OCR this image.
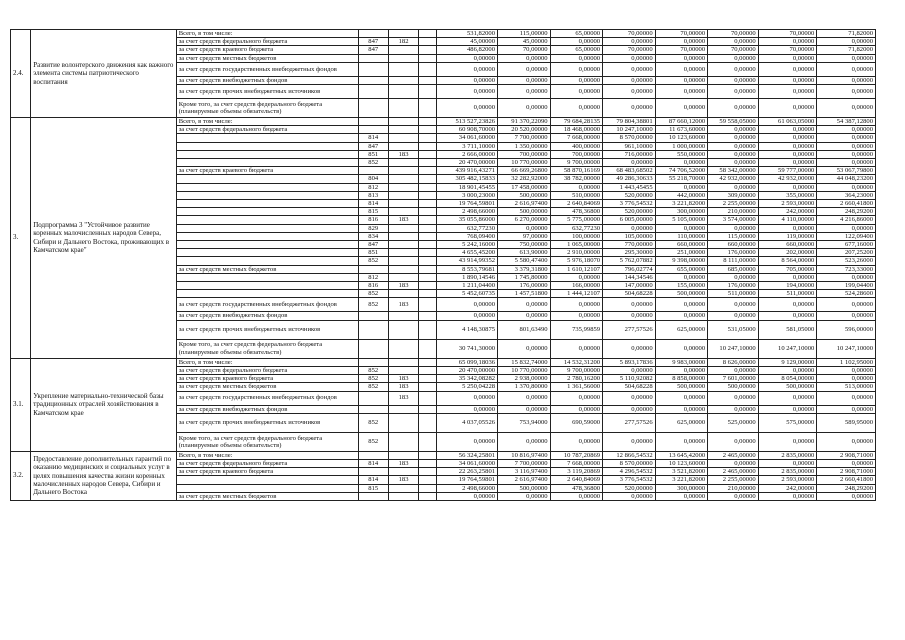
2.4.	Развитие волонтерского движения как важного элемента системы патриотического воспитания	Всего, в том числе:				531,82000	115,00000	65,00000	70,00000	70,00000	70,00000	70,00000	71,82000
		за счет средств федерального бюджета	847	182		45,00000	45,00000	0,00000	0,00000	0,00000	0,00000	0,00000	0,00000
		за счет средств краевого бюджета	847			486,82000	70,00000	65,00000	70,00000	70,00000	70,00000	70,00000	71,82000
		за счет средств местных бюджетов				0,00000	0,00000	0,00000	0,00000	0,00000	0,00000	0,00000	0,00000
		за счет средств государственных внебюджетных фондов				0,00000	0,00000	0,00000	0,00000	0,00000	0,00000	0,00000	0,00000
		за счет средств внебюджетных фондов				0,00000	0,00000	0,00000	0,00000	0,00000	0,00000	0,00000	0,00000
		за счет средств прочих внебюджетных источников				0,00000	0,00000	0,00000	0,00000	0,00000	0,00000	0,00000	0,00000
		Кроме того, за счет средств федерального бюджета (планируемые объемы обязательств)				0,00000	0,00000	0,00000	0,00000	0,00000	0,00000	0,00000	0,00000
3.	Подпрограмма 3 "Устойчивое развитие коренных малочисленных народов Севера, Сибири и Дальнего Востока, проживающих в Камчатском крае"	Всего, в том числе:				513 527,23826	91 370,22090	79 684,28135	79 804,38801	87 660,12000	59 558,05000	61 063,05000	54 387,12800
		за счет средств федерального бюджета				60 908,70000	20 520,00000	18 468,00000	10 247,10000	11 673,60000	0,00000	0,00000	0,00000
			814			34 061,60000	7 700,00000	7 668,00000	8 570,00000	10 123,60000	0,00000	0,00000	0,00000
			847			3 711,10000	1 350,00000	400,00000	961,10000	1 000,00000	0,00000	0,00000	0,00000
			851	183		2 666,00000	700,00000	700,00000	716,00000	550,00000	0,00000	0,00000	0,00000
			852			20 470,00000	10 770,00000	9 700,00000	0,00000	0,00000	0,00000	0,00000	0,00000
		за счет средств краевого бюджета				439 916,43271	66 669,26800	58 870,16169	68 483,68502	74 706,52000	58 342,00000	59 777,00000	53 067,79800
			804			305 482,15833	32 282,92000	38 782,00000	49 286,30633	55 218,70000	42 932,00000	42 932,00000	44 048,23200
			812			18 901,45455	17 458,00000	0,00000	1 443,45455	0,00000	0,00000	0,00000	0,00000
			813			3 000,23000	500,00000	510,00000	520,00000	442,00000	309,00000	355,00000	364,23000
			814			19 764,59801	2 616,97400	2 640,84069	3 776,54532	3 221,82000	2 255,00000	2 593,00000	2 660,41800
			815			2 498,66000	500,00000	478,36800	520,00000	300,00000	210,00000	242,00000	248,29200
			816	183		35 055,86000	6 270,00000	5 775,00000	6 005,00000	5 105,00000	3 574,00000	4 110,00000	4 216,86000
			829			632,77230	0,00000	632,77230	0,00000	0,00000	0,00000	0,00000	0,00000
			834			768,09400	97,00000	100,00000	105,00000	110,00000	115,00000	119,00000	122,09400
			847			5 242,16000	750,00000	1 065,00000	770,00000	660,00000	660,00000	660,00000	677,16000
			851			4 655,45200	613,90000	2 910,00000	295,30000	251,00000	176,00000	202,00000	207,25200
			852			43 914,99352	5 580,47400	5 976,18070	5 762,07882	9 398,00000	8 111,00000	8 564,00000	523,26000
		за счет средств местных бюджетов				8 553,79681	3 379,31800	1 610,12107	796,02774	655,00000	685,00000	705,00000	723,33000
			812			1 890,14546	1 745,80000	0,00000	144,34546	0,00000	0,00000	0,00000	0,00000
			816	183		1 211,04400	176,00000	166,00000	147,00000	155,00000	176,00000	194,00000	199,04400
			852			5 452,60735	1 457,51800	1 444,12107	504,68228	500,00000	511,00000	511,00000	524,28600
		за счет средств государственных внебюджетных фондов	852	183		0,00000	0,00000	0,00000	0,00000	0,00000	0,00000	0,00000	0,00000
		за счет средств внебюджетных фондов				0,00000	0,00000	0,00000	0,00000	0,00000	0,00000	0,00000	0,00000
		за счет средств прочих внебюджетных источников				4 148,30875	801,63490	735,99859	277,57526	625,00000	531,05000	581,05000	596,00000
		Кроме того, за счет средств федерального бюджета (планируемые объемы обязательств)				30 741,30000	0,00000	0,00000	0,00000	0,00000	10 247,10000	10 247,10000	10 247,10000
3.1.	Укрепление материально-технической базы традиционных отраслей хозяйствования в Камчатском крае	Всего, в том числе:				65 099,18036	15 832,74000	14 532,31200	5 893,17836	9 983,00000	8 626,00000	9 129,00000	1 102,95000
		за счет средств федерального бюджета	852			20 470,00000	10 770,00000	9 700,00000	0,00000	0,00000	0,00000	0,00000	0,00000
		за счет средств краевого бюджета	852	183		35 342,08282	2 938,00000	2 780,16200	5 110,92082	8 858,00000	7 601,00000	8 054,00000	0,00000
		за счет средств местных бюджетов	852	183		5 250,04228	1 370,80000	1 361,56000	504,68228	500,00000	500,00000	500,00000	513,00000
		за счет средств государственных внебюджетных фондов		183		0,00000	0,00000	0,00000	0,00000	0,00000	0,00000	0,00000	0,00000
		за счет средств внебюджетных фондов				0,00000	0,00000	0,00000	0,00000	0,00000	0,00000	0,00000	0,00000
		за счет средств прочих внебюджетных источников	852			4 037,05526	753,94000	690,59000	277,57526	625,00000	525,00000	575,00000	589,95000
		Кроме того, за счет средств федерального бюджета (планируемые объемы обязательств)	852			0,00000	0,00000	0,00000	0,00000	0,00000	0,00000	0,00000	0,00000
3.2.	Предоставление дополнительных гарантий по оказанию медицинских и социальных услуг в целях повышения качества жизни коренных малочисленных народов Севера, Сибири и Дальнего Востока	Всего, в том числе:				56 324,25801	10 816,97400	10 787,20869	12 866,54532	13 645,42000	2 465,00000	2 835,00000	2 908,71000
		за счет средств федерального бюджета	814	183		34 061,60000	7 700,00000	7 668,00000	8 570,00000	10 123,60000	0,00000	0,00000	0,00000
		за счет средств краевого бюджета				22 263,25801	3 116,97400	3 119,20869	4 296,54532	3 521,82000	2 465,00000	2 835,00000	2 908,71000
			814	183		19 764,59801	2 616,97400	2 640,84069	3 776,54532	3 221,82000	2 255,00000	2 593,00000	2 660,41800
			815			2 498,66000	500,00000	478,36800	520,00000	300,00000	210,00000	242,00000	248,29200
		за счет средств местных бюджетов				0,00000	0,00000	0,00000	0,00000	0,00000	0,00000	0,00000	0,00000
